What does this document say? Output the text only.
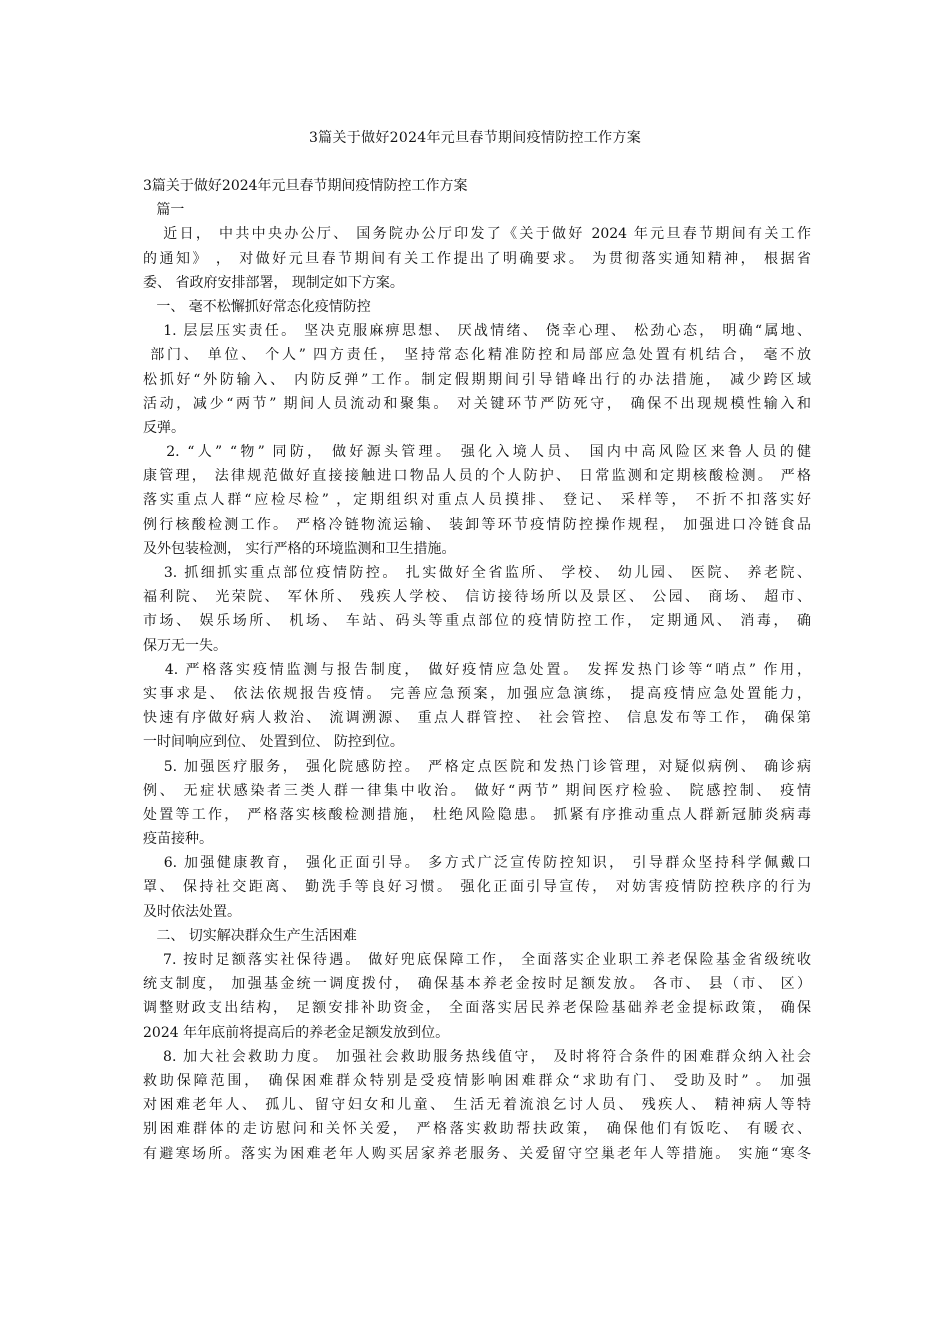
3篇关于做好2024年元旦春节期间疫情防控工作方案
3篇关于做好2024年元旦春节期间疫情防控工作方案
篇一
近日， 中共中央办公厅、 国务院办公厅印发了《关于做好 2024 年元旦春节期间有关工作
的通知》 ， 对做好元旦春节期间有关工作提出了明确要求。 为贯彻落实通知精神， 根据省
委、 省政府安排部署， 现制定如下方案。
一、 毫不松懈抓好常态化疫情防控
1. 层层压实责任。 坚决克服麻痹思想、 厌战情绪、 侥幸心理、 松劲心态， 明确“属地、
部门、 单位、 个人” 四方责任， 坚持常态化精准防控和局部应急处置有机结合， 毫不放
松抓好“外防输入、 内防反弹”工作。制定假期期间引导错峰出行的办法措施， 减少跨区域
活动，减少“两节” 期间人员流动和聚集。 对关键环节严防死守， 确保不出现规模性输入和
反弹。
2. “人” “物” 同防， 做好源头管理。 强化入境人员、 国内中高风险区来鲁人员的健
康管理， 法律规范做好直接接触进口物品人员的个人防护、 日常监测和定期核酸检测。 严格
落实重点人群“应检尽检” ，定期组织对重点人员摸排、 登记、 采样等， 不折不扣落实好
例行核酸检测工作。 严格冷链物流运输、 装卸等环节疫情防控操作规程， 加强进口冷链食品
及外包装检测， 实行严格的环境监测和卫生措施。
3. 抓细抓实重点部位疫情防控。 扎实做好全省监所、 学校、 幼儿园、 医院、 养老院、
福利院、 光荣院、 军休所、 残疾人学校、 信访接待场所以及景区、 公园、 商场、 超市、
市场、 娱乐场所、 机场、 车站、码头等重点部位的疫情防控工作， 定期通风、 消毒， 确
保万无一失。
4. 严格落实疫情监测与报告制度， 做好疫情应急处置。 发挥发热门诊等“哨点” 作用，
实事求是、 依法依规报告疫情。 完善应急预案，加强应急演练， 提高疫情应急处置能力，
快速有序做好病人救治、 流调溯源、 重点人群管控、 社会管控、 信息发布等工作， 确保第
一时间响应到位、 处置到位、 防控到位。
5. 加强医疗服务， 强化院感防控。 严格定点医院和发热门诊管理，对疑似病例、 确诊病
例、 无症状感染者三类人群一律集中收治。 做好“两节” 期间医疗检验、 院感控制、 疫情
处置等工作， 严格落实核酸检测措施， 杜绝风险隐患。 抓紧有序推动重点人群新冠肺炎病毒
疫苗接种。
6. 加强健康教育， 强化正面引导。 多方式广泛宣传防控知识， 引导群众坚持科学佩戴口
罩、 保持社交距离、 勤洗手等良好习惯。 强化正面引导宣传， 对妨害疫情防控秩序的行为
及时依法处置。
二、 切实解决群众生产生活困难
7. 按时足额落实社保待遇。 做好兜底保障工作， 全面落实企业职工养老保险基金省级统收
统支制度， 加强基金统一调度拨付， 确保基本养老金按时足额发放。 各市、 县（市、 区）
调整财政支出结构， 足额安排补助资金， 全面落实居民养老保险基础养老金提标政策， 确保
2024 年年底前将提高后的养老金足额发放到位。
8. 加大社会救助力度。 加强社会救助服务热线值守， 及时将符合条件的困难群众纳入社会
救助保障范围， 确保困难群众特别是受疫情影响困难群众“求助有门、 受助及时” 。 加强
对困难老年人、 孤儿、留守妇女和儿童、 生活无着流浪乞讨人员、 残疾人、 精神病人等特
别困难群体的走访慰问和关怀关爱， 严格落实救助帮扶政策， 确保他们有饭吃、 有暖衣、
有避寒场所。落实为困难老年人购买居家养老服务、关爱留守空巢老年人等措施。 实施“寒冬
